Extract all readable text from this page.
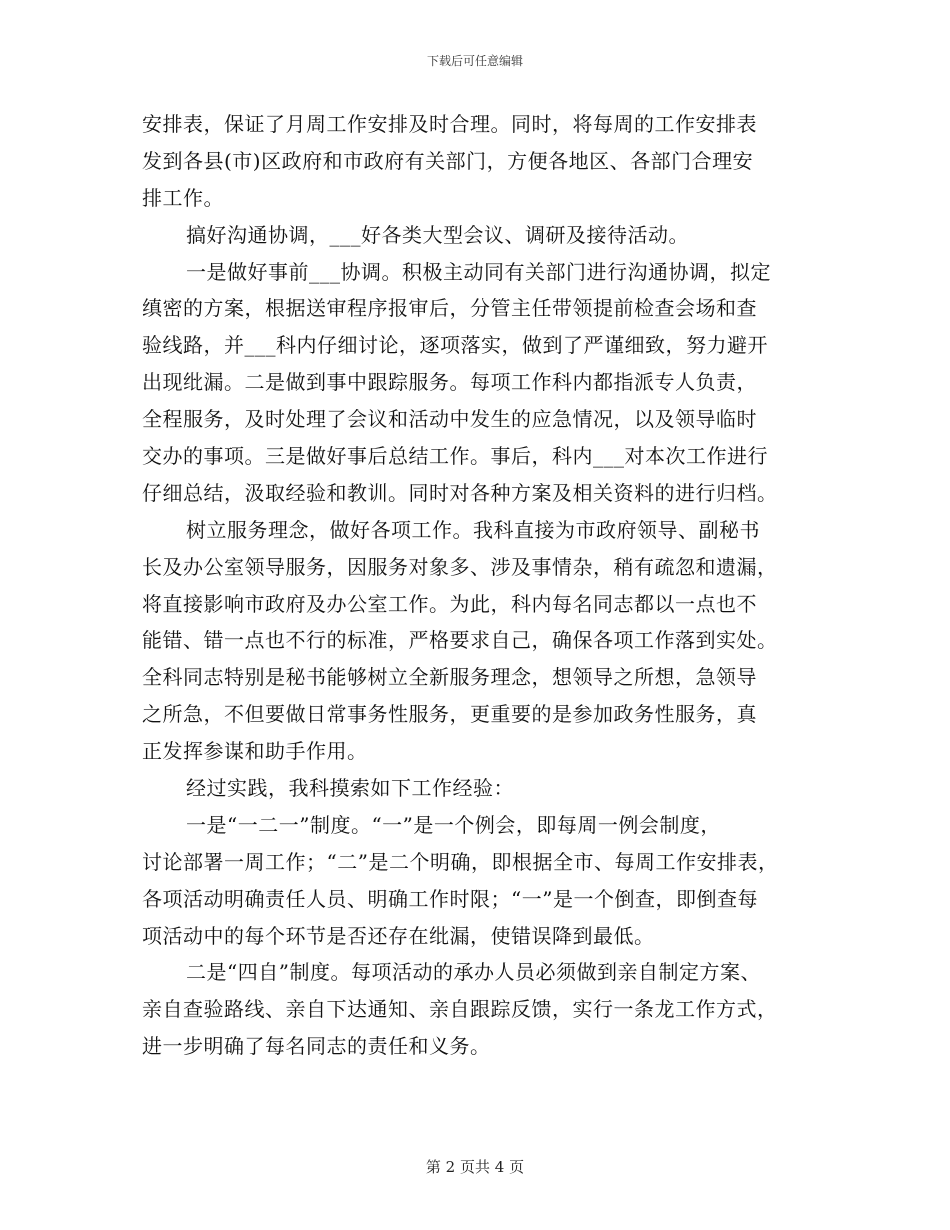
下载后可任意编辑
安排表，保证了月周工作安排及时合理。同时，将每周的工作安排表
发到各县(市)区政府和市政府有关部门，方便各地区、各部门合理安
排工作。
搞好沟通协调，___好各类大型会议、调研及接待活动。
一是做好事前___协调。积极主动同有关部门进行沟通协调，拟定
缜密的方案，根据送审程序报审后，分管主任带领提前检查会场和查
验线路，并___科内仔细讨论，逐项落实，做到了严谨细致，努力避开
出现纰漏。二是做到事中跟踪服务。每项工作科内都指派专人负责，
全程服务，及时处理了会议和活动中发生的应急情况，以及领导临时
交办的事项。三是做好事后总结工作。事后，科内___对本次工作进行
仔细总结，汲取经验和教训。同时对各种方案及相关资料的进行归档。
树立服务理念，做好各项工作。我科直接为市政府领导、副秘书
长及办公室领导服务，因服务对象多、涉及事情杂，稍有疏忽和遗漏，
将直接影响市政府及办公室工作。为此，科内每名同志都以一点也不
能错、错一点也不行的标准，严格要求自己，确保各项工作落到实处。
全科同志特别是秘书能够树立全新服务理念，想领导之所想，急领导
之所急，不但要做日常事务性服务，更重要的是参加政务性服务，真
正发挥参谋和助手作用。
经过实践，我科摸索如下工作经验：
一是“一二一”制度。“一”是一个例会，即每周一例会制度，
讨论部署一周工作；“二”是二个明确，即根据全市、每周工作安排表，
各项活动明确责任人员、明确工作时限；“一”是一个倒查，即倒查每
项活动中的每个环节是否还存在纰漏，使错误降到最低。
二是“四自”制度。每项活动的承办人员必须做到亲自制定方案、
亲自查验路线、亲自下达通知、亲自跟踪反馈，实行一条龙工作方式，
进一步明确了每名同志的责任和义务。
第 2 页共 4 页
